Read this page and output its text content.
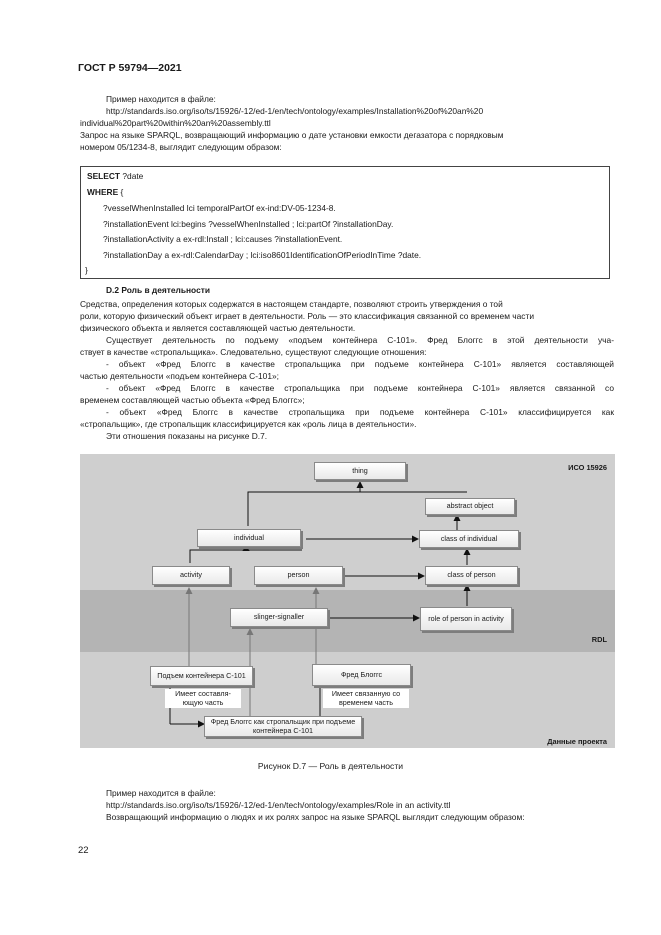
ГОСТ Р 59794—2021
Пример находится в файле:
http://standards.iso.org/iso/ts/15926/-12/ed-1/en/tech/ontology/examples/Installation%20of%20an%20
individual%20part%20within%20an%20assembly.ttl
Запрос на языке SPARQL, возвращающий информацию о дате установки емкости дегазатора с порядковым
номером 05/1234-8, выглядит следующим образом:
SELECT ?date
WHERE {
?vesselWhenInstalled lci temporalPartOf ex-ind:DV-05-1234-8.
?installationEvent lci:begins ?vesselWhenInstalled ; lci:partOf ?installationDay.
?installationActivity a ex-rdl:Install ; lci:causes ?installationEvent.
?installationDay a ex-rdl:CalendarDay ; lci:iso8601IdentificationOfPeriodInTime ?date.
}
D.2 Роль в деятельности
Средства, определения которых содержатся в настоящем стандарте, позволяют строить утверждения о той
роли, которую физический объект играет в деятельности. Роль — это классификация связанной со временем части
физического объекта и является составляющей частью деятельности.
Существует деятельность по подъему «подъем контейнера С-101». Фред Блоггс в этой деятельности уча-
ствует в качестве «стропальщика». Следовательно, существуют следующие отношения:
- объект «Фред Блоггс в качестве стропальщика при подъеме контейнера С-101» является составляющей
частью деятельности «подъем контейнера С-101»;
- объект «Фред Блоггс в качестве стропальщика при подъеме контейнера С-101» является связанной со
временем составляющей частью объекта «Фред Блоггс»;
- объект «Фред Блоггс в качестве стропальщика при подъеме контейнера С-101» классифицируется как
«стропальщик», где стропальщик классифицируется как «роль лица в деятельности».
Эти отношения показаны на рисунке D.7.
ИСО 15926
RDL
Данные проекта
thing
abstract object
individual	class of individual
activity	person	class of person
slinger-signaller	role of person in activity
Подъем контейнера С-101	Фред Блоггс
Фред Блоггс как стропальщик при подъеме контейнера С-101
Имеет составля-ющую часть
Имеет связанную со временем часть
Рисунок D.7 — Роль в деятельности
Пример находится в файле:
http://standards.iso.org/iso/ts/15926/-12/ed-1/en/tech/ontology/examples/Role in an activity.ttl
Возвращающий информацию о людях и их ролях запрос на языке SPARQL выглядит следующим образом:
22
